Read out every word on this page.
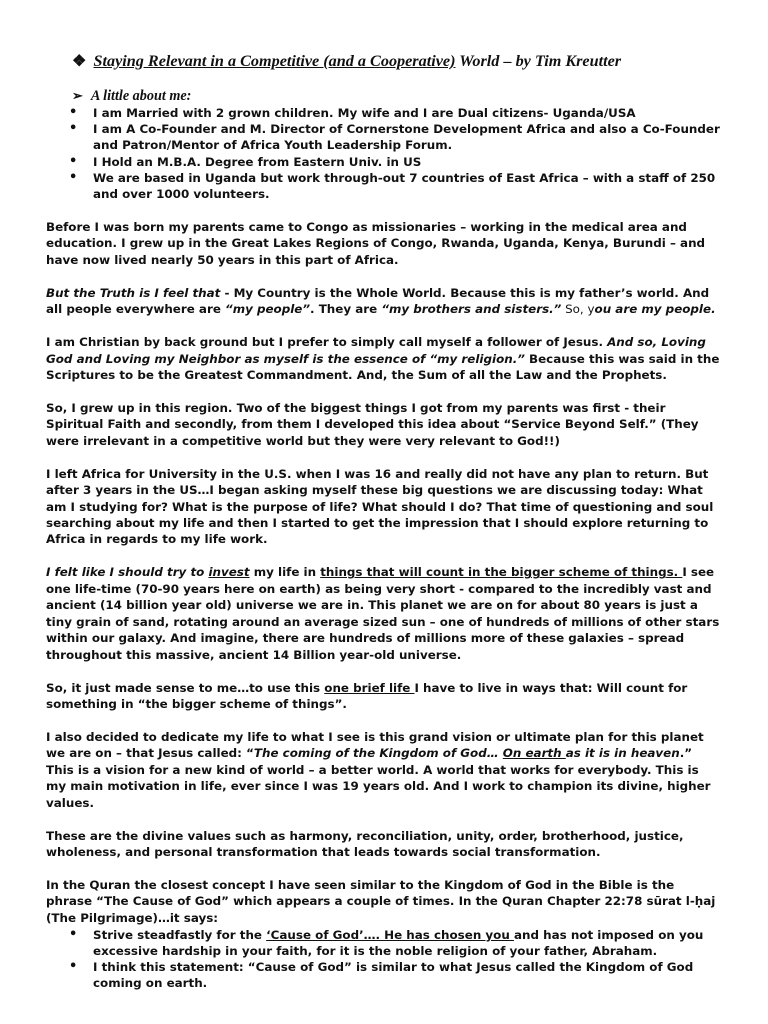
❖ Staying Relevant in a Competitive (and a Cooperative) World – by Tim Kreutter
➢ A little about me:
• I am Married with 2 grown children. My wife and I are Dual citizens- Uganda/USA
• I am A Co-Founder and M. Director of Cornerstone Development Africa and also a Co-Founder and Patron/Mentor of Africa Youth Leadership Forum.
• I Hold an M.B.A. Degree from Eastern Univ. in US
• We are based in Uganda but work through-out 7 countries of East Africa – with a staff of 250 and over 1000 volunteers.

Before I was born my parents came to Congo as missionaries – working in the medical area and education. I grew up in the Great Lakes Regions of Congo, Rwanda, Uganda, Kenya, Burundi – and have now lived nearly 50 years in this part of Africa.

But the Truth is I feel that - My Country is the Whole World. Because this is my father’s world. And all people everywhere are “my people”. They are “my brothers and sisters.” So, you are my people.

I am Christian by back ground but I prefer to simply call myself a follower of Jesus. And so, Loving God and Loving my Neighbor as myself is the essence of “my religion.” Because this was said in the Scriptures to be the Greatest Commandment. And, the Sum of all the Law and the Prophets.

So, I grew up in this region. Two of the biggest things I got from my parents was first - their Spiritual Faith and secondly, from them I developed this idea about “Service Beyond Self.” (They were irrelevant in a competitive world but they were very relevant to God!!)

I left Africa for University in the U.S. when I was 16 and really did not have any plan to return. But after 3 years in the US…I began asking myself these big questions we are discussing today: What am I studying for? What is the purpose of life? What should I do? That time of questioning and soul searching about my life and then I started to get the impression that I should explore returning to Africa in regards to my life work.

I felt like I should try to invest my life in things that will count in the bigger scheme of things. I see one life-time (70-90 years here on earth) as being very short - compared to the incredibly vast and ancient (14 billion year old) universe we are in. This planet we are on for about 80 years is just a tiny grain of sand, rotating around an average sized sun – one of hundreds of millions of other stars within our galaxy. And imagine, there are hundreds of millions more of these galaxies – spread throughout this massive, ancient 14 Billion year-old universe.

So, it just made sense to me…to use this one brief life I have to live in ways that: Will count for something in “the bigger scheme of things”.

I also decided to dedicate my life to what I see is this grand vision or ultimate plan for this planet we are on – that Jesus called: “The coming of the Kingdom of God… On earth as it is in heaven.” This is a vision for a new kind of world – a better world. A world that works for everybody. This is my main motivation in life, ever since I was 19 years old. And I work to champion its divine, higher values.

These are the divine values such as harmony, reconciliation, unity, order, brotherhood, justice, wholeness, and personal transformation that leads towards social transformation.

In the Quran the closest concept I have seen similar to the Kingdom of God in the Bible is the phrase “The Cause of God” which appears a couple of times. In the Quran Chapter 22:78 sūrat l-ḥaj (The Pilgrimage)…it says:

• Strive steadfastly for the ‘Cause of God’…. He has chosen you and has not imposed on you excessive hardship in your faith, for it is the noble religion of your father, Abraham.
• I think this statement: “Cause of God” is similar to what Jesus called the Kingdom of God coming on earth.
